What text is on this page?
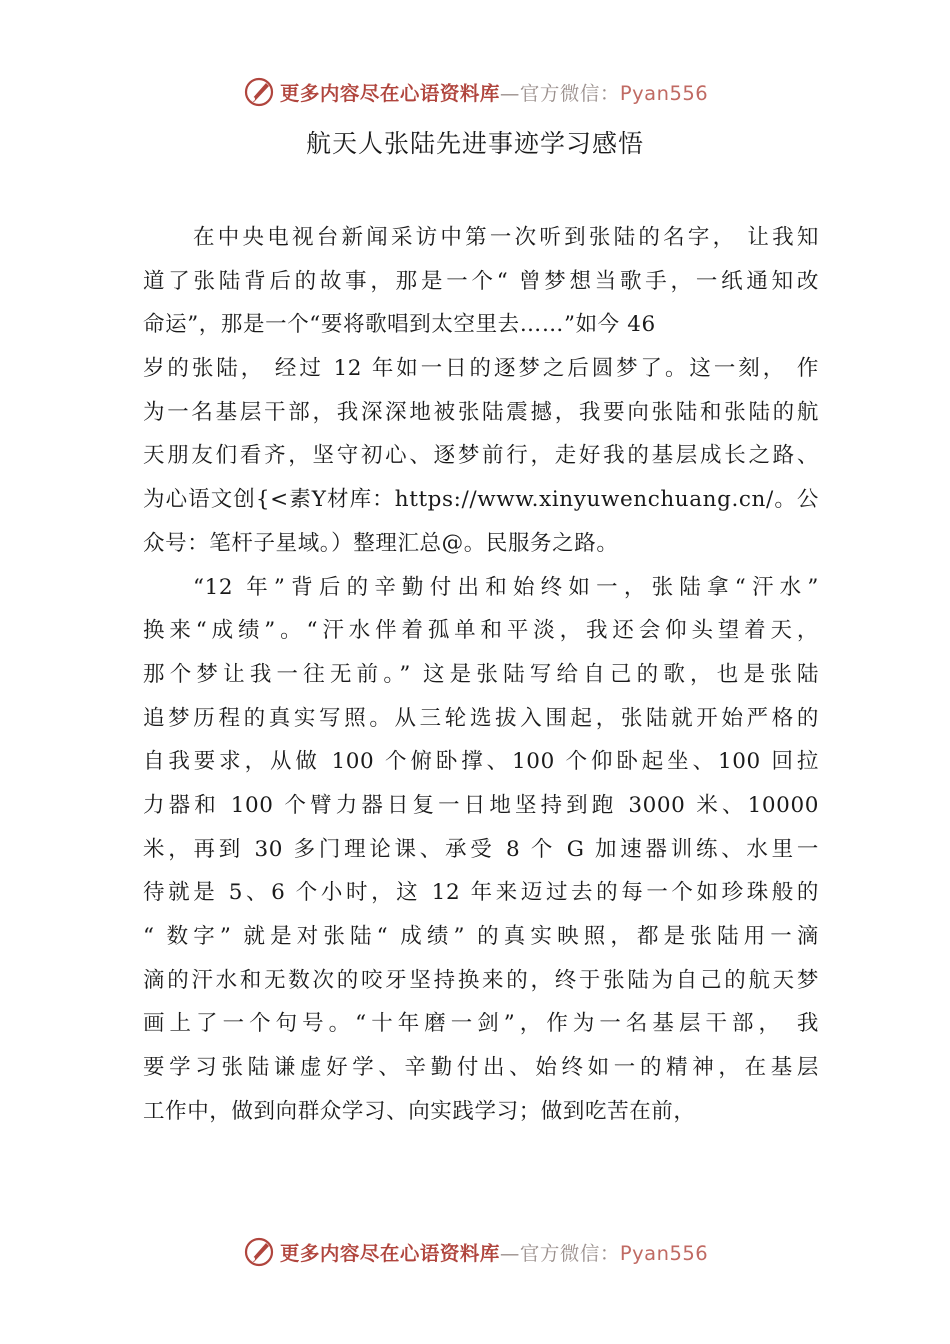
更多内容尽在心语资料库—官方微信：Pyan556
航天人张陆先进事迹学习感悟
在中央电视台新闻采访中第一次听到张陆的名字， 让我知
道了张陆背后的故事，那是一个“ 曾梦想当歌手，一纸通知改
命运”，那是一个“要将歌唱到太空里去……”如今 46
岁的张陆， 经过 12 年如一日的逐梦之后圆梦了。这一刻， 作
为一名基层干部，我深深地被张陆震撼，我要向张陆和张陆的航
天朋友们看齐，坚守初心、逐梦前行，走好我的基层成长之路、
为心语文创{<素Y材库：https://www.xinyuwenchuang.cn/。公
众号：笔杆子星域。）整理汇总@。民服务之路。
“12 年”背后的辛勤付出和始终如一，张陆拿“汗水”
换来“成绩”。“汗水伴着孤单和平淡，我还会仰头望着天，
那个梦让我一往无前。” 这是张陆写给自己的歌，也是张陆
追梦历程的真实写照。从三轮选拔入围起，张陆就开始严格的
自我要求，从做 100 个俯卧撑、100 个仰卧起坐、100 回拉
力器和 100 个臂力器日复一日地坚持到跑 3000 米、10000
米，再到 30 多门理论课、承受 8 个 G 加速器训练、水里一
待就是 5、6 个小时，这 12 年来迈过去的每一个如珍珠般的
“ 数字” 就是对张陆“ 成绩” 的真实映照，都是张陆用一滴
滴的汗水和无数次的咬牙坚持换来的，终于张陆为自己的航天梦
画上了一个句号。“十年磨一剑”，作为一名基层干部， 我
要学习张陆谦虚好学、辛勤付出、始终如一的精神，在基层
工作中，做到向群众学习、向实践学习；做到吃苦在前，
更多内容尽在心语资料库—官方微信：Pyan556
